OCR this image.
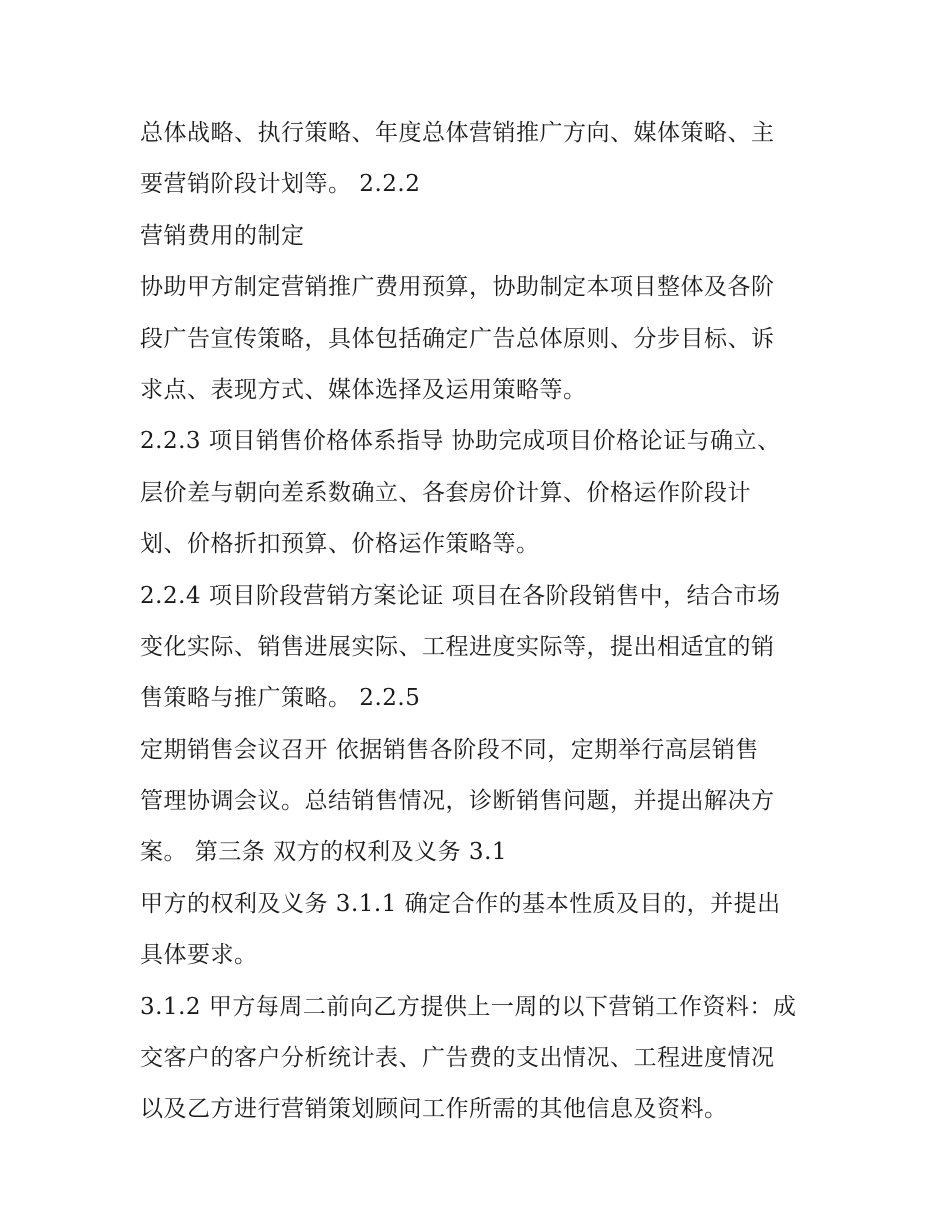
总体战略、执行策略、年度总体营销推广方向、媒体策略、主
要营销阶段计划等。 2.2.2
营销费用的制定
协助甲方制定营销推广费用预算，协助制定本项目整体及各阶
段广告宣传策略，具体包括确定广告总体原则、分步目标、诉
求点、表现方式、媒体选择及运用策略等。
2.2.3 项目销售价格体系指导 协助完成项目价格论证与确立、
层价差与朝向差系数确立、各套房价计算、价格运作阶段计
划、价格折扣预算、价格运作策略等。
2.2.4 项目阶段营销方案论证 项目在各阶段销售中，结合市场
变化实际、销售进展实际、工程进度实际等，提出相适宜的销
售策略与推广策略。 2.2.5
定期销售会议召开 依据销售各阶段不同，定期举行高层销售
管理协调会议。总结销售情况，诊断销售问题，并提出解决方
案。 第三条 双方的权利及义务 3.1
甲方的权利及义务 3.1.1 确定合作的基本性质及目的，并提出
具体要求。
3.1.2 甲方每周二前向乙方提供上一周的以下营销工作资料：成
交客户的客户分析统计表、广告费的支出情况、工程进度情况
以及乙方进行营销策划顾问工作所需的其他信息及资料。
